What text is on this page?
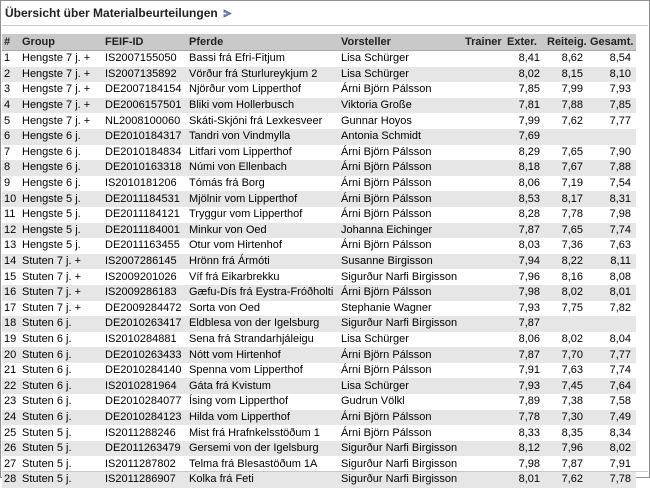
Übersicht über Materialbeurteilungen
#	Group	FEIF-ID	Pferde	Vorsteller	Trainer	Exter.	Reiteig.	Gesamt.
1	Hengste 7 j. +	IS2007155050	Bassi frá Efri-Fitjum	Lisa Schürger		8,41	8,62	8,54
2	Hengste 7 j. +	IS2007135892	Vörður frá Sturlureykjum 2	Lisa Schürger		8,02	8,15	8,10
3	Hengste 7 j. +	DE2007184154	Njörður vom Lipperthof	Árni Björn Pálsson		7,85	7,99	7,93
4	Hengste 7 j. +	DE2006157501	Bliki vom Hollerbusch	Viktoria Große		7,81	7,88	7,85
5	Hengste 7 j. +	NL2008100060	Skáti-Skjóni frá Lexkesveer	Gunnar Hoyos		7,99	7,62	7,77
6	Hengste 6 j.	DE2010184317	Tandri von Vindmylla	Antonia Schmidt		7,69		
7	Hengste 6 j.	DE2010184834	Litfari vom Lipperthof	Árni Björn Pálsson		8,29	7,65	7,90
8	Hengste 6 j.	DE2010163318	Númi von Ellenbach	Árni Björn Pálsson		8,18	7,67	7,88
9	Hengste 6 j.	IS2010181206	Tómás frá Borg	Árni Björn Pálsson		8,06	7,19	7,54
10	Hengste 5 j.	DE2011184531	Mjölnir vom Lipperthof	Árni Björn Pálsson		8,53	8,17	8,31
11	Hengste 5 j.	DE2011184121	Tryggur vom Lipperthof	Árni Björn Pálsson		8,28	7,78	7,98
12	Hengste 5 j.	DE2011184001	Minkur von Oed	Johanna Eichinger		7,87	7,65	7,74
13	Hengste 5 j.	DE2011163455	Otur vom Hirtenhof	Árni Björn Pálsson		8,03	7,36	7,63
14	Stuten 7 j. +	IS2007286145	Hrönn frá Ármóti	Susanne Birgisson		7,94	8,22	8,11
15	Stuten 7 j. +	IS2009201026	Víf frá Eikarbrekku	Sigurður Narfi Birgisson		7,96	8,16	8,08
16	Stuten 7 j. +	IS2009286183	Gæfu-Dís frá Eystra-Fróðholti	Árni Björn Pálsson		7,98	8,02	8,01
17	Stuten 7 j. +	DE2009284472	Sorta von Oed	Stephanie Wagner		7,93	7,75	7,82
18	Stuten 6 j.	DE2010263417	Eldblesa von der Igelsburg	Sigurður Narfi Birgisson		7,87		
19	Stuten 6 j.	IS2010284881	Sena frá Strandarhjáleigu	Lisa Schürger		8,06	8,02	8,04
20	Stuten 6 j.	DE2010263433	Nótt vom Hirtenhof	Árni Björn Pálsson		7,87	7,70	7,77
21	Stuten 6 j.	DE2010284140	Spenna vom Lipperthof	Árni Björn Pálsson		7,91	7,63	7,74
22	Stuten 6 j.	IS2010281964	Gáta frá Kvistum	Lisa Schürger		7,93	7,45	7,64
23	Stuten 6 j.	DE2010284077	Ísing vom Lipperthof	Gudrun Völkl		7,89	7,38	7,58
24	Stuten 6 j.	DE2010284123	Hilda vom Lipperthof	Árni Björn Pálsson		7,78	7,30	7,49
25	Stuten 5 j.	IS2011288246	Mist frá Hrafnkelsstöðum 1	Árni Björn Pálsson		8,33	8,35	8,34
26	Stuten 5 j.	DE2011263479	Gersemi von der Igelsburg	Sigurður Narfi Birgisson		8,12	7,96	8,02
27	Stuten 5 j.	IS2011287802	Telma frá Blesastöðum 1A	Sigurður Narfi Birgisson		7,98	7,87	7,91
28	Stuten 5 j.	IS2011286907	Kolka frá Feti	Sigurður Narfi Birgisson		8,01	7,62	7,78
